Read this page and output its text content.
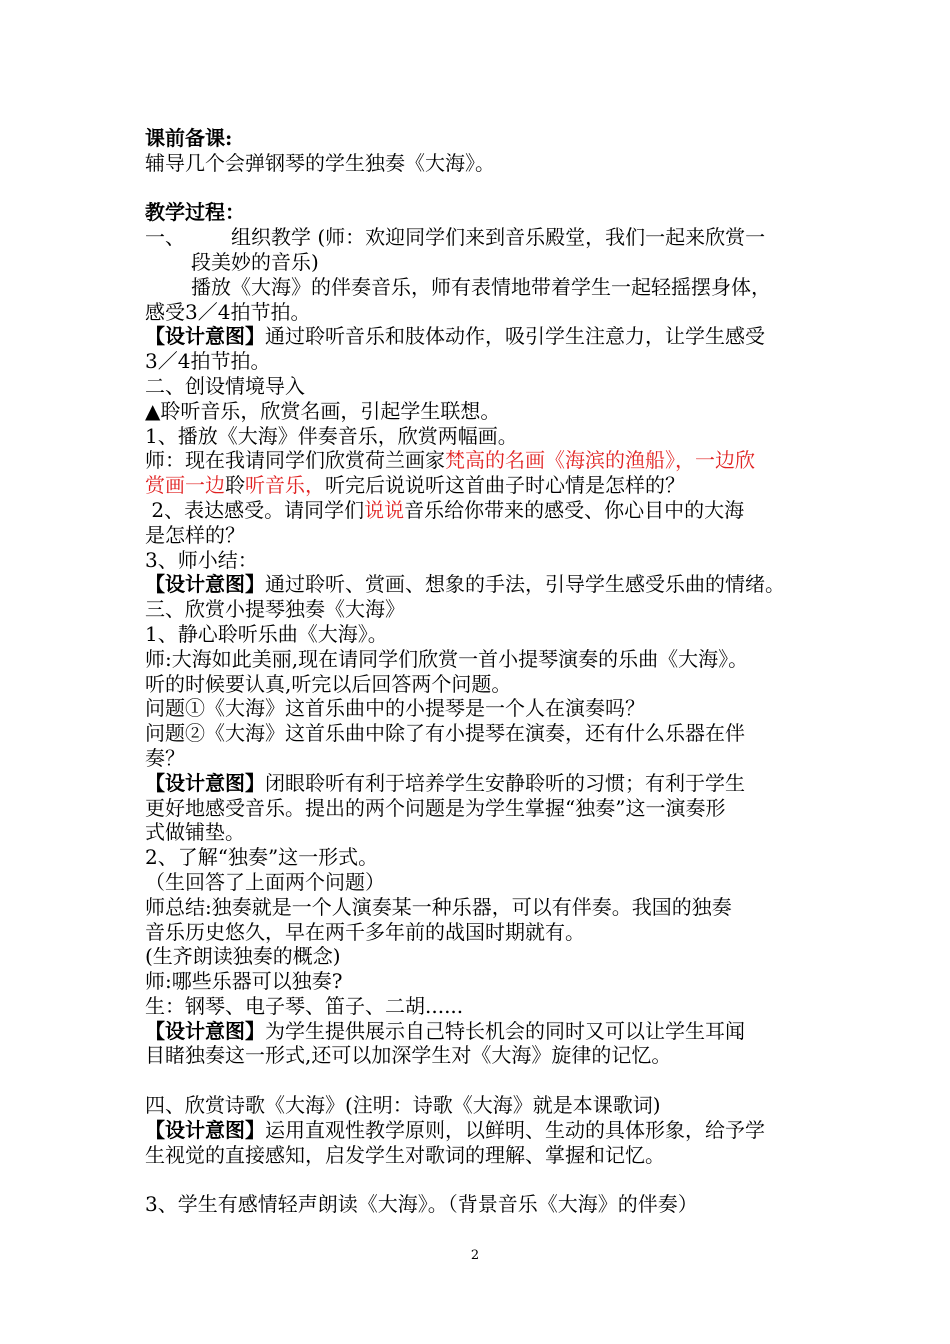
课前备课:
辅导几个会弹钢琴的学生独奏《大海》。
教学过程：
一、 组织教学 (师：欢迎同学们来到音乐殿堂，我们一起来欣赏一
段美妙的音乐)
播放《大海》的伴奏音乐，师有表情地带着学生一起轻摇摆身体，
感受3／4拍节拍。
【设计意图】通过聆听音乐和肢体动作，吸引学生注意力，让学生感受
3／4拍节拍。
二、创设情境导入
▲聆听音乐，欣赏名画，引起学生联想。
1、播放《大海》伴奏音乐，欣赏两幅画。
师：现在我请同学们欣赏荷兰画家梵高的名画《海滨的渔船》，一边欣
赏画一边聆听音乐，听完后说说听这首曲子时心情是怎样的？
2、表达感受。请同学们说说音乐给你带来的感受、你心目中的大海
是怎样的？
3、师小结：
【设计意图】通过聆听、赏画、想象的手法，引导学生感受乐曲的情绪。
三、欣赏小提琴独奏《大海》
1、静心聆听乐曲《大海》。
师:大海如此美丽,现在请同学们欣赏一首小提琴演奏的乐曲《大海》。
听的时候要认真,听完以后回答两个问题。
问题①《大海》这首乐曲中的小提琴是一个人在演奏吗？
问题②《大海》这首乐曲中除了有小提琴在演奏，还有什么乐器在伴
奏？
【设计意图】闭眼聆听有利于培养学生安静聆听的习惯；有利于学生
更好地感受音乐。提出的两个问题是为学生掌握“独奏”这一演奏形
式做铺垫。
2、了解“独奏”这一形式。
（生回答了上面两个问题）
师总结:独奏就是一个人演奏某一种乐器，可以有伴奏。我国的独奏
音乐历史悠久，早在两千多年前的战国时期就有。
(生齐朗读独奏的概念)
师:哪些乐器可以独奏?
生：钢琴、电子琴、笛子、二胡......
【设计意图】为学生提供展示自己特长机会的同时又可以让学生耳闻
目睹独奏这一形式,还可以加深学生对《大海》旋律的记忆。
四、欣赏诗歌《大海》(注明：诗歌《大海》就是本课歌词)
【设计意图】运用直观性教学原则，以鲜明、生动的具体形象，给予学
生视觉的直接感知，启发学生对歌词的理解、掌握和记忆。
3、学生有感情轻声朗读《大海》。（背景音乐《大海》的伴奏）
2
